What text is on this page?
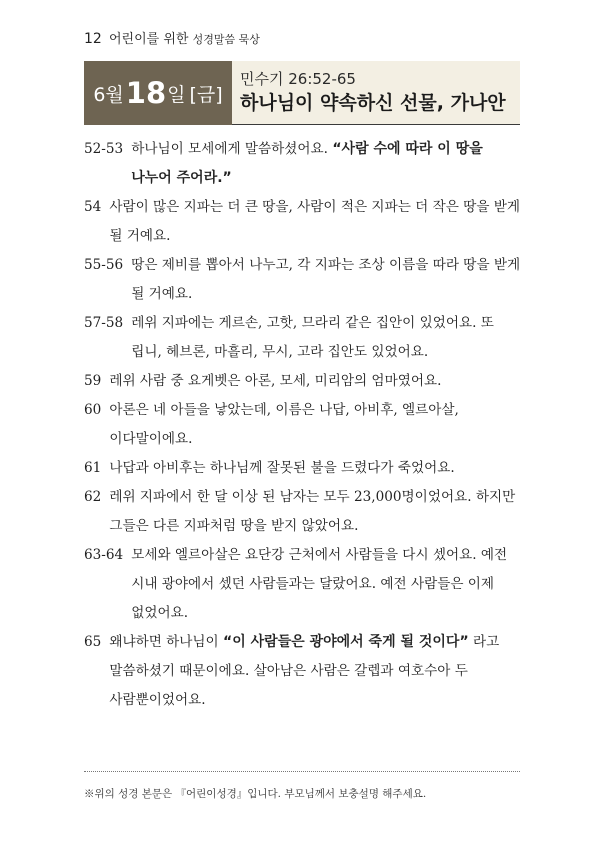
12 어린이를 위한 성경말씀 묵상
6월 18 일 [금]
민수기 26:52-65
하나님이 약속하신 선물, 가나안
52-53 하나님이 모세에게 말씀하셨어요. “사람 수에 따라 이 땅을 나누어 주어라.”
54 사람이 많은 지파는 더 큰 땅을, 사람이 적은 지파는 더 작은 땅을 받게 될 거예요.
55-56 땅은 제비를 뽑아서 나누고, 각 지파는 조상 이름을 따라 땅을 받게 될 거예요.
57-58 레위 지파에는 게르손, 고핫, 므라리 같은 집안이 있었어요. 또 립니, 헤브론, 마흘리, 무시, 고라 집안도 있었어요.
59 레위 사람 중 요게벳은 아론, 모세, 미리암의 엄마였어요.
60 아론은 네 아들을 낳았는데, 이름은 나답, 아비후, 엘르아살, 이다말이에요.
61 나답과 아비후는 하나님께 잘못된 불을 드렸다가 죽었어요.
62 레위 지파에서 한 달 이상 된 남자는 모두 23,000명이었어요. 하지만 그들은 다른 지파처럼 땅을 받지 않았어요.
63-64 모세와 엘르아살은 요단강 근처에서 사람들을 다시 셌어요. 예전 시내 광야에서 셌던 사람들과는 달랐어요. 예전 사람들은 이제 없었어요.
65 왜냐하면 하나님이 “이 사람들은 광야에서 죽게 될 것이다” 라고 말씀하셨기 때문이에요. 살아남은 사람은 갈렙과 여호수아 두 사람뿐이었어요.
※위의 성경 본문은 『어린이성경』입니다. 부모님께서 보충설명 해주세요.
